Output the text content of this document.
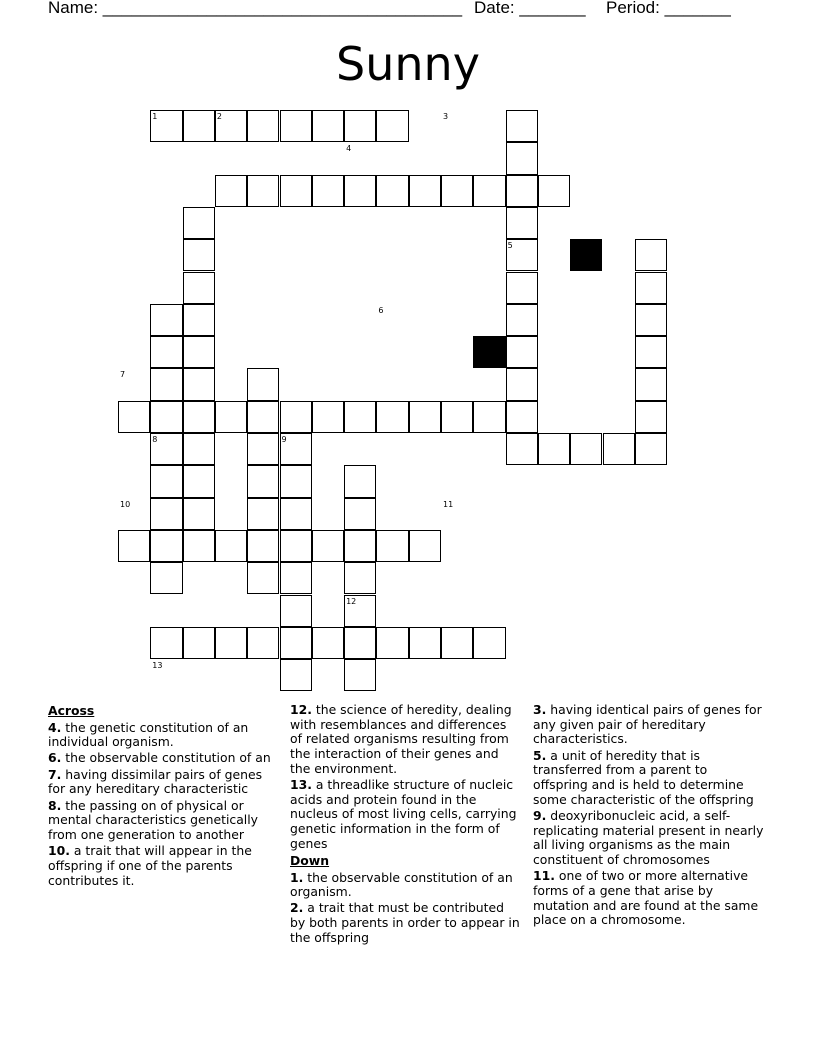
Name: ______________________________________ Date: _______ Period: _______
Sunny
1	2	3
4
5
6
7
8	9
10	11
12
13

Across

4. the genetic constitution of an individual organism.

6. the observable constitution of an

7. having dissimilar pairs of genes for any hereditary characteristic

8. the passing on of physical or mental characteristics genetically from one generation to another

10. a trait that will appear in the offspring if one of the parents contributes it.

12. the science of heredity, dealing with resemblances and differences of related organisms resulting from the interaction of their genes and the environment.

13. a threadlike structure of nucleic acids and protein found in the nucleus of most living cells, carrying genetic information in the form of genes

Down

1. the observable constitution of an organism.

2. a trait that must be contributed by both parents in order to appear in the offspring

3. having identical pairs of genes for any given pair of hereditary characteristics.

5. a unit of heredity that is transferred from a parent to offspring and is held to determine some characteristic of the offspring

9. deoxyribonucleic acid, a self-replicating material present in nearly all living organisms as the main constituent of chromosomes

11. one of two or more alternative forms of a gene that arise by mutation and are found at the same place on a chromosome.
